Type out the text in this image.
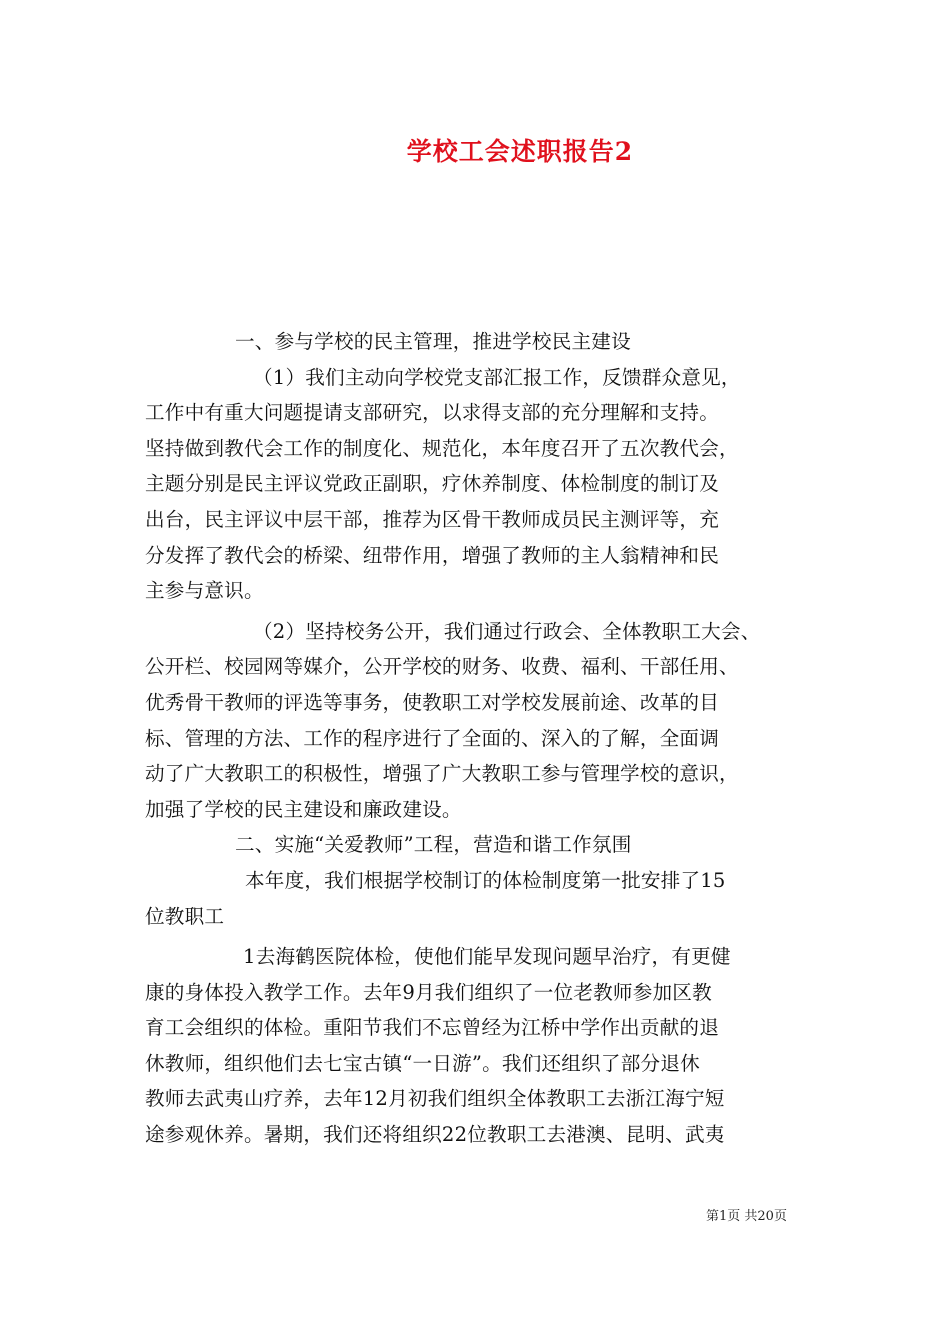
学校工会述职报告2
一、参与学校的民主管理，推进学校民主建设
（1）我们主动向学校党支部汇报工作，反馈群众意见，
工作中有重大问题提请支部研究，以求得支部的充分理解和支持。
坚持做到教代会工作的制度化、规范化，本年度召开了五次教代会，
主题分别是民主评议党政正副职，疗休养制度、体检制度的制订及
出台，民主评议中层干部，推荐为区骨干教师成员民主测评等，充
分发挥了教代会的桥梁、纽带作用，增强了教师的主人翁精神和民
主参与意识。
（2）坚持校务公开，我们通过行政会、全体教职工大会、
公开栏、校园网等媒介，公开学校的财务、收费、福利、干部任用、
优秀骨干教师的评选等事务，使教职工对学校发展前途、改革的目
标、管理的方法、工作的程序进行了全面的、深入的了解，全面调
动了广大教职工的积极性，增强了广大教职工参与管理学校的意识，
加强了学校的民主建设和廉政建设。
二、实施“关爱教师”工程，营造和谐工作氛围
本年度，我们根据学校制订的体检制度第一批安排了15
位教职工
1去海鹤医院体检，使他们能早发现问题早治疗，有更健
康的身体投入教学工作。去年9月我们组织了一位老教师参加区教
育工会组织的体检。重阳节我们不忘曾经为江桥中学作出贡献的退
休教师，组织他们去七宝古镇“一日游”。我们还组织了部分退休
教师去武夷山疗养，去年12月初我们组织全体教职工去浙江海宁短
途参观休养。暑期，我们还将组织22位教职工去港澳、昆明、武夷
第1页 共20页
